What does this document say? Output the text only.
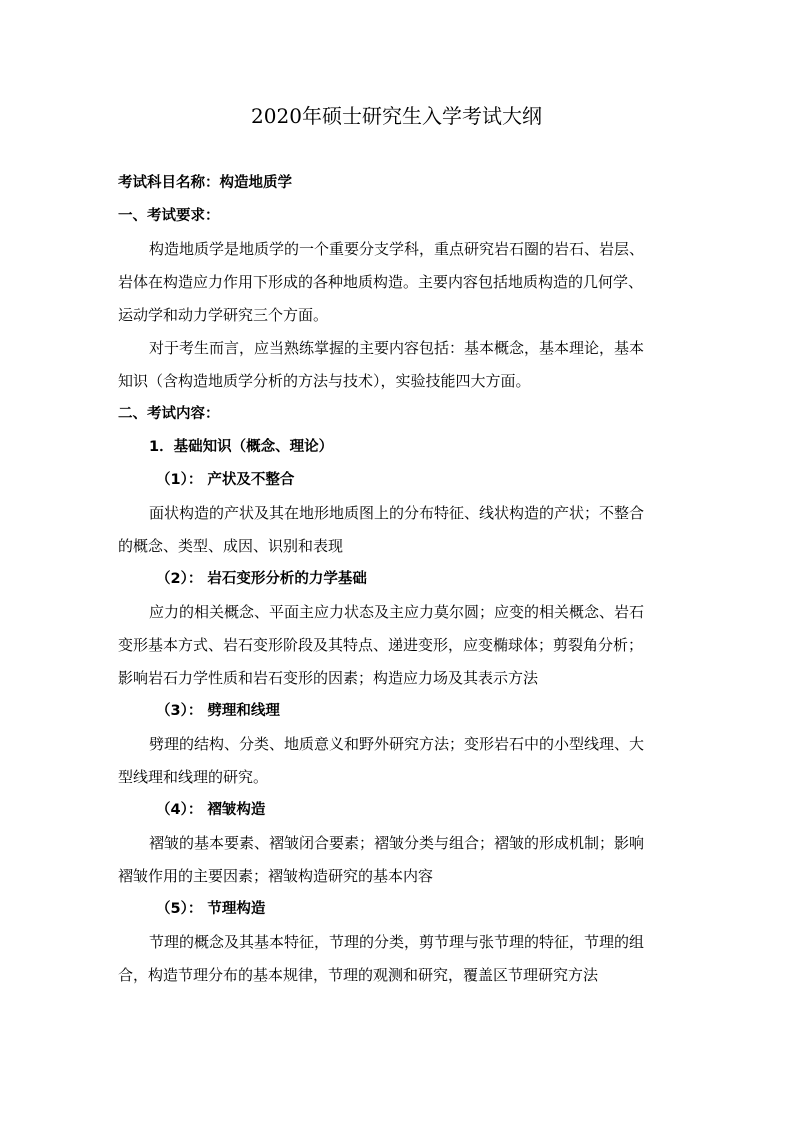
2020年硕士研究生入学考试大纲
考试科目名称：构造地质学
一、考试要求：
构造地质学是地质学的一个重要分支学科，重点研究岩石圈的岩石、岩层、
岩体在构造应力作用下形成的各种地质构造。主要内容包括地质构造的几何学、
运动学和动力学研究三个方面。
对于考生而言，应当熟练掌握的主要内容包括：基本概念，基本理论，基本
知识（含构造地质学分析的方法与技术），实验技能四大方面。
二、考试内容：
1．基础知识（概念、理论）
（1）： 产状及不整合
面状构造的产状及其在地形地质图上的分布特征、线状构造的产状；不整合
的概念、类型、成因、识别和表现
（2）： 岩石变形分析的力学基础
应力的相关概念、平面主应力状态及主应力莫尔圆；应变的相关概念、岩石
变形基本方式、岩石变形阶段及其特点、递进变形，应变椭球体；剪裂角分析；
影响岩石力学性质和岩石变形的因素；构造应力场及其表示方法
（3）： 劈理和线理
劈理的结构、分类、地质意义和野外研究方法；变形岩石中的小型线理、大
型线理和线理的研究。
（4）： 褶皱构造
褶皱的基本要素、褶皱闭合要素；褶皱分类与组合；褶皱的形成机制；影响
褶皱作用的主要因素；褶皱构造研究的基本内容
（5）： 节理构造
节理的概念及其基本特征，节理的分类，剪节理与张节理的特征，节理的组
合，构造节理分布的基本规律，节理的观测和研究，覆盖区节理研究方法
